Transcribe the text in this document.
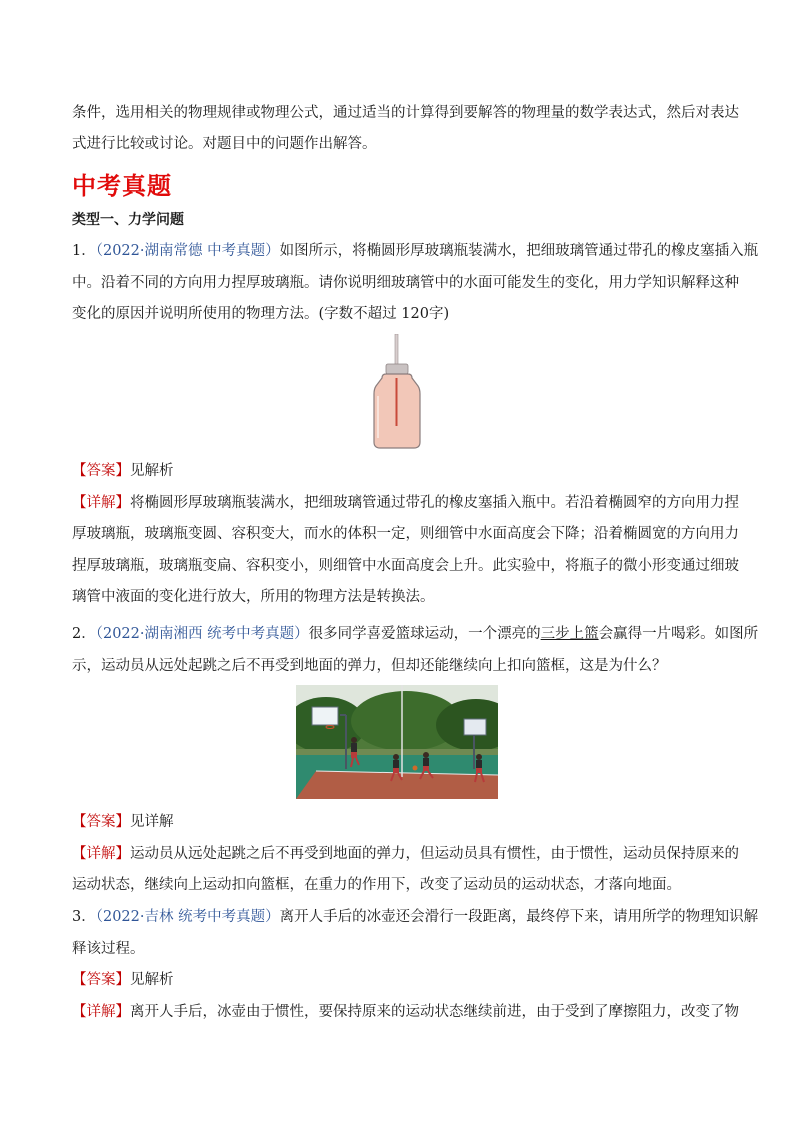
条件，选用相关的物理规律或物理公式，通过适当的计算得到要解答的物理量的数学表达式，然后对表达
式进行比较或讨论。对题目中的问题作出解答。
中考真题
类型一、力学问题
1．（2022·湖南常德 中考真题）如图所示，将椭圆形厚玻璃瓶装满水，把细玻璃管通过带孔的橡皮塞插入瓶
中。沿着不同的方向用力捏厚玻璃瓶。请你说明细玻璃管中的水面可能发生的变化，用力学知识解释这种
变化的原因并说明所使用的物理方法。(字数不超过 120字)
【答案】见解析
【详解】将椭圆形厚玻璃瓶装满水，把细玻璃管通过带孔的橡皮塞插入瓶中。若沿着椭圆窄的方向用力捏
厚玻璃瓶，玻璃瓶变圆、容积变大，而水的体积一定，则细管中水面高度会下降；沿着椭圆宽的方向用力
捏厚玻璃瓶，玻璃瓶变扁、容积变小，则细管中水面高度会上升。此实验中，将瓶子的微小形变通过细玻
璃管中液面的变化进行放大，所用的物理方法是转换法。
2．（2022·湖南湘西 统考中考真题）很多同学喜爱篮球运动，一个漂亮的三步上篮会赢得一片喝彩。如图所
示，运动员从远处起跳之后不再受到地面的弹力，但却还能继续向上扣向篮框，这是为什么？
【答案】见详解
【详解】运动员从远处起跳之后不再受到地面的弹力，但运动员具有惯性，由于惯性，运动员保持原来的
运动状态，继续向上运动扣向篮框，在重力的作用下，改变了运动员的运动状态，才落向地面。
3．（2022·吉林 统考中考真题）离开人手后的冰壶还会滑行一段距离，最终停下来，请用所学的物理知识解
释该过程。
【答案】见解析
【详解】离开人手后，冰壶由于惯性，要保持原来的运动状态继续前进，由于受到了摩擦阻力，改变了物
